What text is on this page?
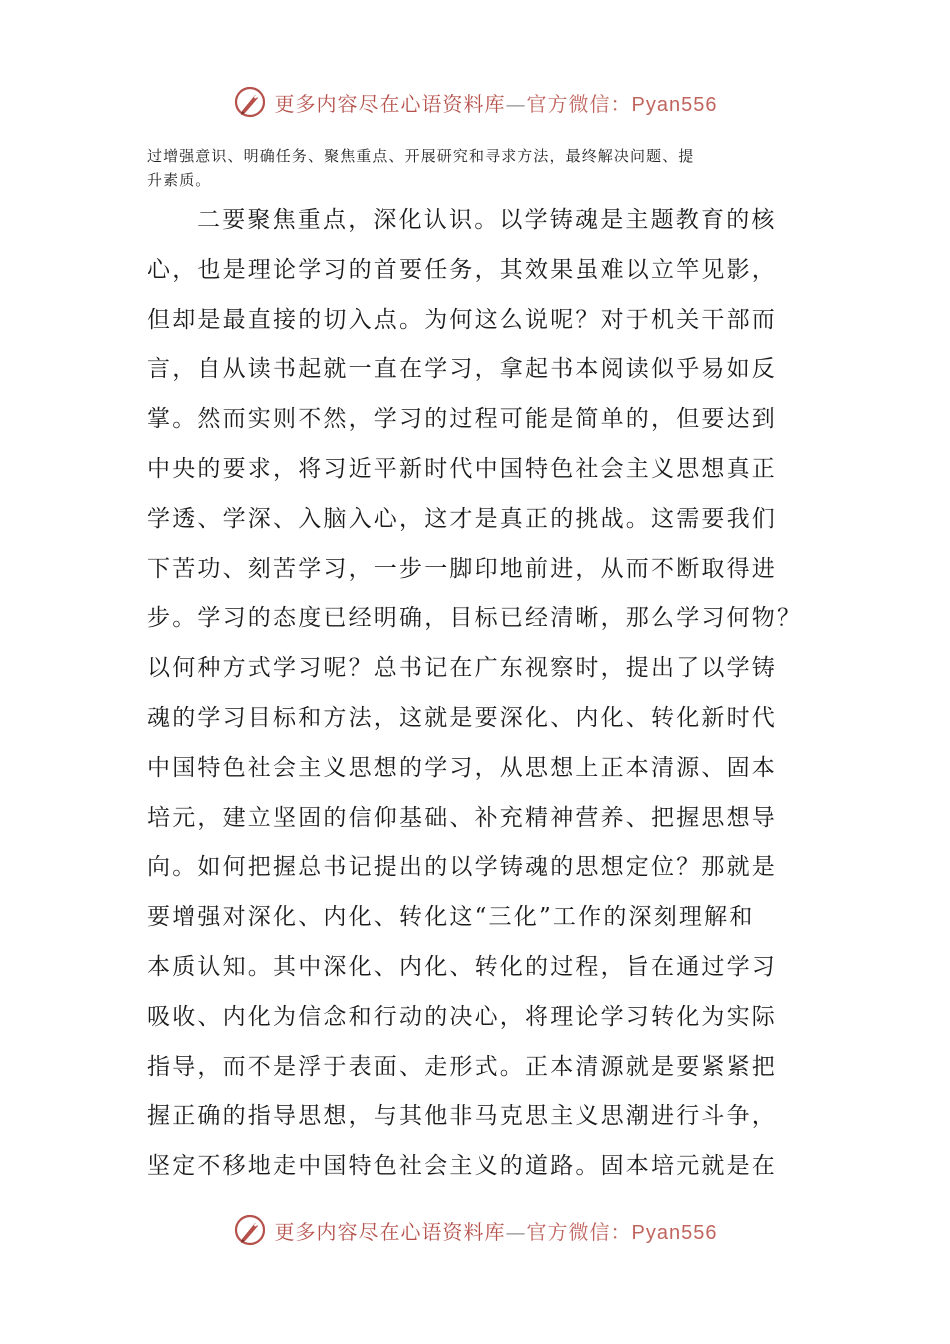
更多内容尽在心语资料库—官方微信：Pyan556

过增强意识、明确任务、聚焦重点、开展研究和寻求方法，最终解决问题、提

升素质。

二要聚焦重点，深化认识。以学铸魂是主题教育的核
心，也是理论学习的首要任务，其效果虽难以立竿见影，
但却是最直接的切入点。为何这么说呢？对于机关干部而
言，自从读书起就一直在学习，拿起书本阅读似乎易如反
掌。然而实则不然，学习的过程可能是简单的，但要达到
中央的要求，将习近平新时代中国特色社会主义思想真正
学透、学深、入脑入心，这才是真正的挑战。这需要我们
下苦功、刻苦学习，一步一脚印地前进，从而不断取得进
步。学习的态度已经明确，目标已经清晰，那么学习何物？
以何种方式学习呢？总书记在广东视察时，提出了以学铸
魂的学习目标和方法，这就是要深化、内化、转化新时代
中国特色社会主义思想的学习，从思想上正本清源、固本
培元，建立坚固的信仰基础、补充精神营养、把握思想导
向。如何把握总书记提出的以学铸魂的思想定位？那就是
要增强对深化、内化、转化这“三化”工作的深刻理解和
本质认知。其中深化、内化、转化的过程，旨在通过学习
吸收、内化为信念和行动的决心，将理论学习转化为实际
指导，而不是浮于表面、走形式。正本清源就是要紧紧把
握正确的指导思想，与其他非马克思主义思潮进行斗争，
坚定不移地走中国特色社会主义的道路。固本培元就是在
更多内容尽在心语资料库—官方微信：Pyan556
